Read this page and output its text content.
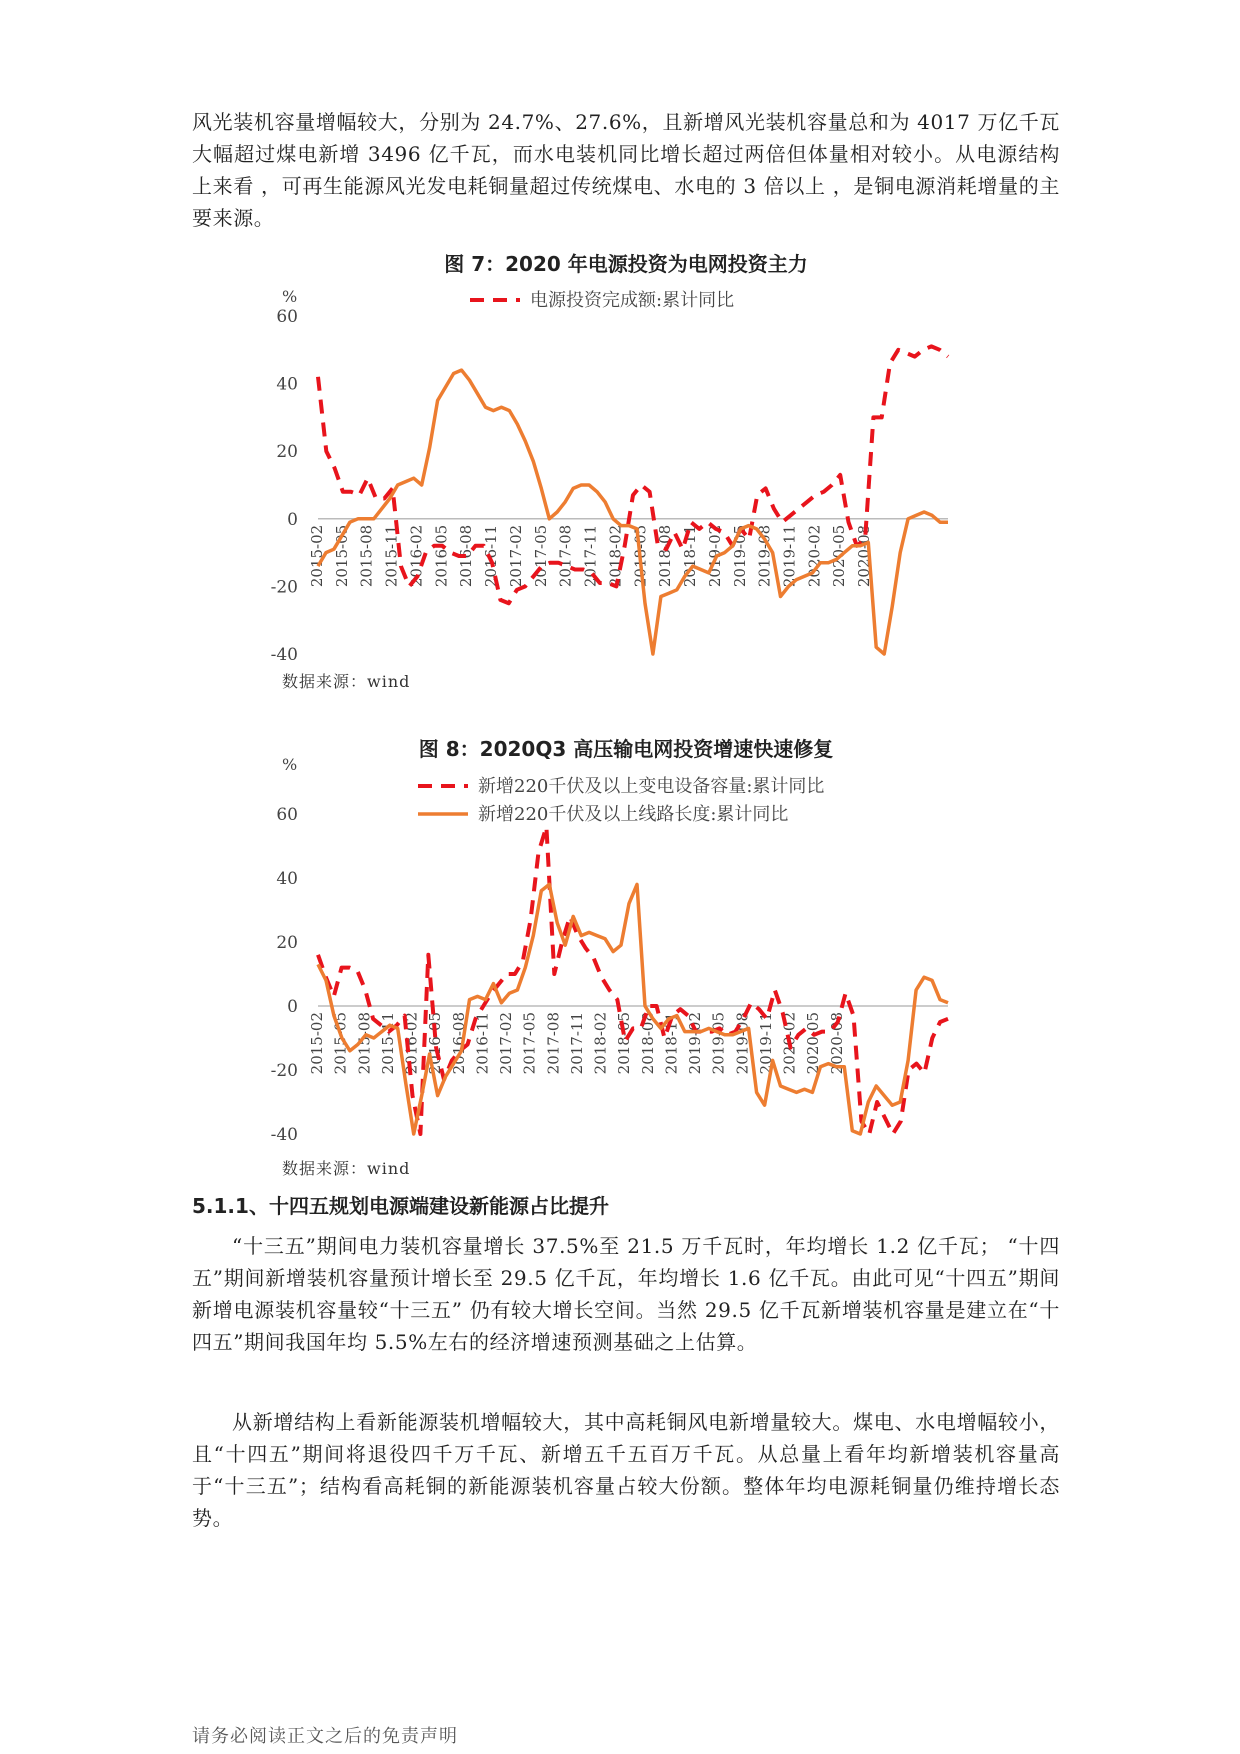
风光装机容量增幅较大，分别为 24.7%、27.6%，且新增风光装机容量总和为 4017 万亿千瓦大幅超过煤电新增 3496 亿千瓦，而水电装机同比增长超过两倍但体量相对较小。从电源结构上来看 ，可再生能源风光发电耗铜量超过传统煤电、水电的 3 倍以上 ，是铜电源消耗增量的主要来源。

图 7：2020 年电源投资为电网投资主力

%
-40
-20
0
20
40
60
2015-02 2015-05 2015-08 2015-11 2016-02 2016-05 2016-08 2016-11 2017-02 2017-05 2017-08 2017-11 2018-02 2018-05 2018-08 2018-11 2019-02 2019-05 2019-08 2019-11 2020-02 2020-05 2020-08
电源投资完成额:累计同比

数据来源：wind

图 8：2020Q3 高压输电网投资增速快速修复

%
-40
-20
0
20
40
60
2015-02 2015-05 2015-08 2015-11 2016-02 2016-05 2016-08 2016-11 2017-02 2017-05 2017-08 2017-11 2018-02 2018-05 2018-08 2018-11 2019-02 2019-05 2019-08 2019-11 2020-02 2020-05 2020-08
新增220千伏及以上变电设备容量:累计同比
新增220千伏及以上线路长度:累计同比

数据来源：wind

5.1.1、十四五规划电源端建设新能源占比提升

“十三五”期间电力装机容量增长 37.5%至 21.5 万千瓦时，年均增长 1.2 亿千瓦； “十四五”期间新增装机容量预计增长至 29.5 亿千瓦，年均增长 1.6 亿千瓦。由此可见“十四五”期间新增电源装机容量较“十三五” 仍有较大增长空间。当然 29.5 亿千瓦新增装机容量是建立在“十四五”期间我国年均 5.5%左右的经济增速预测基础之上估算。

从新增结构上看新能源装机增幅较大，其中高耗铜风电新增量较大。煤电、水电增幅较小，且“十四五”期间将退役四千万千瓦、新增五千五百万千瓦。从总量上看年均新增装机容量高于“十三五”；结构看高耗铜的新能源装机容量占较大份额。整体年均电源耗铜量仍维持增长态势。

请务必阅读正文之后的免责声明
